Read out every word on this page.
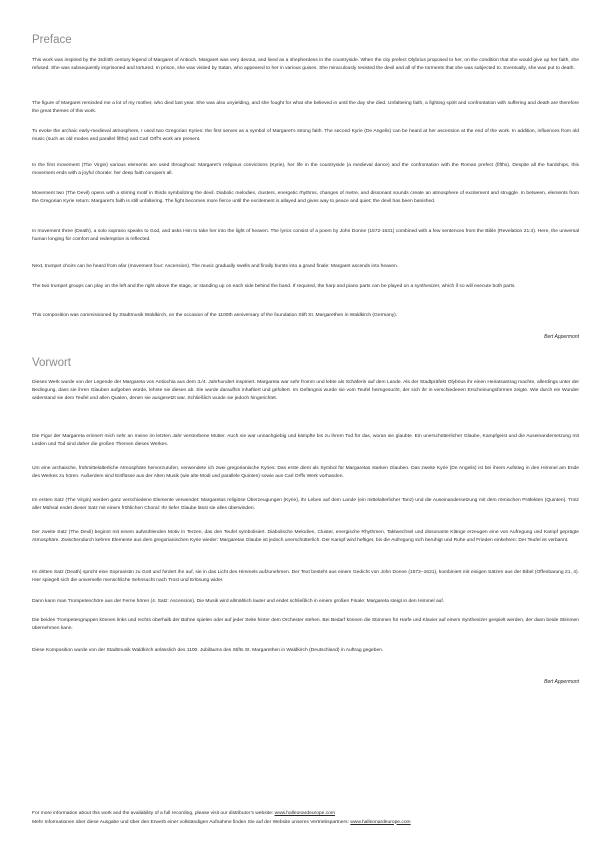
Preface

This work was inspired by the 3rd/4th century legend of Margaret of Antioch. Margaret was very devout, and lived as a shepherdess in the countryside. When the city prefect Olybrius proposed to her, on the condition that she would give up her faith, she refused. She was subsequently imprisoned and tortured. In prison, she was visited by Satan, who appeared to her in various guises. She miraculously resisted the devil and all of the torments that she was subjected to. Eventually, she was put to death.

The figure of Margaret reminded me a lot of my mother, who died last year. She was also unyielding, and she fought for what she believed in until the day she died. Unfaltering faith, a fighting spirit and confrontation with suffering and death are therefore the great themes of this work.

To evoke the archaic early-medieval atmosphere, I used two Gregorian Kyries: the first serves as a symbol of Margaret’s strong faith. The second Kyrie (De Angelis) can be heard at her ascension at the end of the work. In addition, influences from old music (such as old modes and parallel fifths) and Carl Orff’s work are present.

In the first movement (The Virgin) various elements are used throughout: Margaret’s religious convictions (Kyrie), her life in the countryside (a medieval dance) and the confrontation with the Roman prefect (fifths). Despite all the hardships, this movement ends with a joyful chorale: her deep faith conquers all.

Movement two (The Devil) opens with a stirring motif in thirds symbolizing the devil. Diabolic melodies, clusters, energetic rhythms, changes of metre, and dissonant sounds create an atmosphere of excitement and struggle. In between, elements from the Gregorian Kyrie return: Margaret’s faith is still unfaltering. The fight becomes more fierce until the excitement is allayed and gives way to peace and quiet; the devil has been banished.

In movement three (Death), a solo soprano speaks to God, and asks Him to take her into the light of heaven. The lyrics consist of a poem by John Donne (1572-1631) combined with a few sentences from the Bible (Revelation 21:4). Here, the universal human longing for comfort and redemption is reflected.

Next, trumpet choirs can be heard from afar (movement four: Ascension). The music gradually swells and finally bursts into a grand finale: Margaret ascends into heaven.

The two trumpet groups can play on the left and the right above the stage, or standing up on each side behind the band. If required, the harp and piano parts can be played on a synthesizer, which if so will execute both parts.

This composition was commissioned by Stadtmusik Waldkirch, on the occasion of the 1100th anniversary of the foundation Stift St. Margarethen in Waldkirch (Germany).

Bert Appermont
Vorwort

Dieses Werk wurde von der Legende der Margareta von Antiochia aus dem 3./4. Jahrhundert inspiriert. Margareta war sehr fromm und lebte als Schäferin auf dem Lande. Als der Stadtpräfekt Olybrius ihr einen Heiratsantrag machte, allerdings unter der Bedingung, dass sie ihren Glauben aufgeben würde, lehnte sie diesen ab. Sie wurde daraufhin inhaftiert und gefoltert. Im Gefängnis wurde sie vom Teufel heimgesucht, der sich ihr in verschiedenen Erscheinungsformen zeigte. Wie durch ein Wunder widerstand sie dem Teufel und allen Qualen, denen sie ausgesetzt war. Schließlich wurde sie jedoch hingerichtet.

Die Figur der Margareta erinnert mich sehr an meine im letzten Jahr verstorbene Mutter. Auch sie war unnachgiebig und kämpfte bis zu ihrem Tod für das, woran sie glaubte. Ein unerschütterlicher Glaube, Kampfgeist und die Auseinandersetzung mit Leiden und Tod sind daher die großen Themen dieses Werkes.

Um eine archaische, frühmittelalterliche Atmosphäre hervorzurufen, verwendete ich zwei gregorianische Kyries: Das erste dient als Symbol für Margaretas starken Glauben. Das zweite Kyrie (De Angelis) ist bei ihrem Aufstieg in den Himmel am Ende des Werkes zu hören. Außerdem sind Einflüsse aus der Alten Musik (wie alte Modi und parallele Quinten) sowie aus Carl Orffs Werk vorhanden.

Im ersten Satz (The Virgin) werden ganz verschiedene Elemente verwendet: Margaretas religiöse Überzeugungen (Kyrie), ihr Leben auf dem Lande (ein mittelalterlicher Tanz) und die Auseinandersetzung mit dem römischen Präfekten (Quinten). Trotz aller Mühsal endet dieser Satz mit einem fröhlichen Choral: Ihr tiefer Glaube lässt sie alles überwinden.

Der zweite Satz (The Devil) beginnt mit einem aufwühlenden Motiv in Terzen, das den Teufel symbolisiert. Diabolische Melodien, Cluster, energische Rhythmen, Taktwechsel und dissonante Klänge erzeugen eine von Aufregung und Kampf geprägte Atmosphäre. Zwischendurch kehren Elemente aus dem gregorianischen Kyrie wieder: Margaretas Glaube ist jedoch unerschütterlich. Der Kampf wird heftiger, bis die Aufregung sich beruhigt und Ruhe und Frieden einkehren: Der Teufel ist verbannt.

Im dritten Satz (Death) spricht eine Sopranistin zu Gott und fordert ihn auf, sie in das Licht des Himmels aufzunehmen. Der Text besteht aus einem Gedicht von John Donne (1572–1631), kombiniert mit einigen Sätzen aus der Bibel (Offenbarung 21, 4). Hier spiegelt sich die universelle menschliche Sehnsucht nach Trost und Erlösung wider.

Dann kann man Trompetenchöre aus der Ferne hören (4. Satz: Ascension). Die Musik wird allmählich lauter und endet schließlich in einem großen Finale: Margareta steigt in den Himmel auf.

Die beiden Trompetengruppen können links und rechts oberhalb der Bühne spielen oder auf jeder Seite hinter dem Orchester stehen. Bei Bedarf können die Stimmen für Harfe und Klavier auf einem Synthesizer gespielt werden, der dann beide Stimmen übernehmen kann.

Diese Komposition wurde von der Stadtmusik Waldkirch anlässlich des 1100. Jubiläums des Stifts St. Margarethen in Waldkirch (Deutschland) in Auftrag gegeben.

Bert Appermont
For more information about this work and the availability of a full recording, please visit our distributor’s website: www.halleonardeurope.com
Mehr Informationen über diese Ausgabe und über den Erwerb einer vollständigen Aufnahme finden Sie auf der Website unseres Vertriebspartners: www.halleonardeurope.com
